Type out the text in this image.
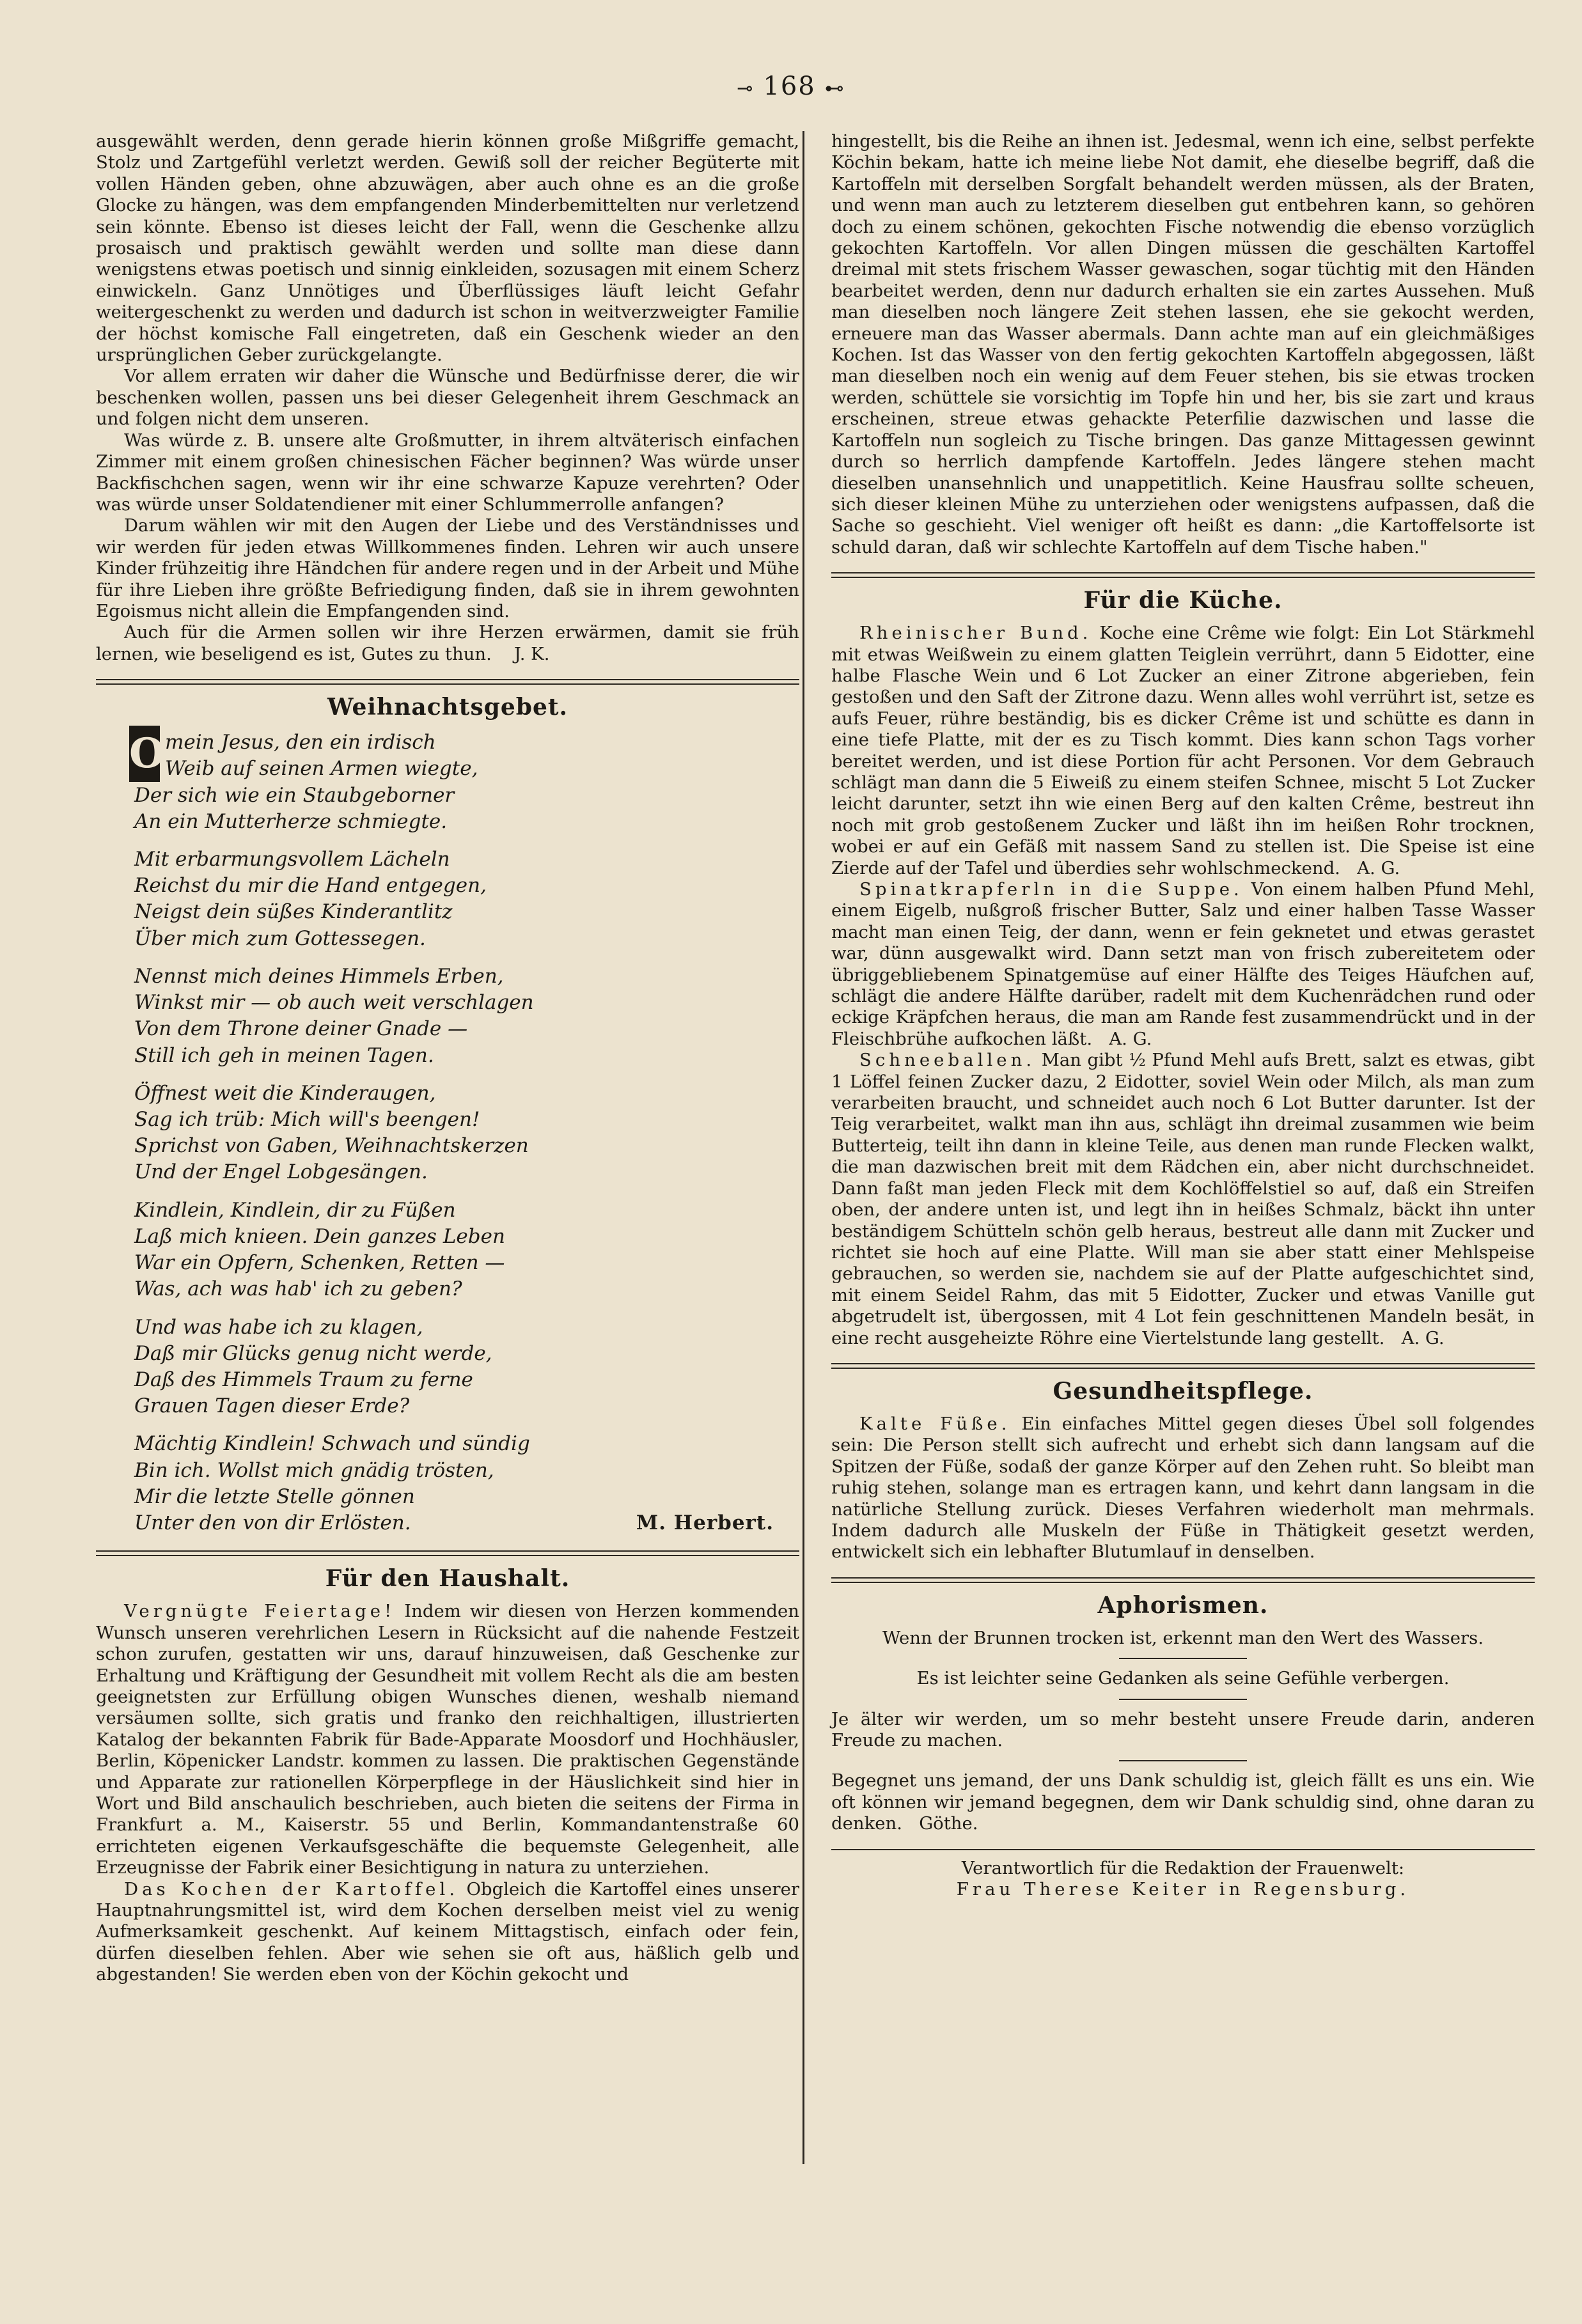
⊸ 168 ⊷

ausgewählt werden, denn gerade hierin können große Mißgriffe gemacht, Stolz und Zartgefühl verletzt werden. Gewiß soll der reicher Begüterte mit vollen Händen geben, ohne abzuwägen, aber auch ohne es an die große Glocke zu hängen, was dem empfangenden Minderbemittelten nur verletzend sein könnte. Ebenso ist dieses leicht der Fall, wenn die Geschenke allzu prosaisch und praktisch gewählt werden und sollte man diese dann wenigstens etwas poetisch und sinnig einkleiden, sozusagen mit einem Scherz einwickeln. Ganz Unnötiges und Überflüssiges läuft leicht Gefahr weitergeschenkt zu werden und dadurch ist schon in weitverzweigter Familie der höchst komische Fall eingetreten, daß ein Geschenk wieder an den ursprünglichen Geber zurückgelangte.

Vor allem erraten wir daher die Wünsche und Bedürfnisse derer, die wir beschenken wollen, passen uns bei dieser Gelegenheit ihrem Geschmack an und folgen nicht dem unseren.

Was würde z. B. unsere alte Großmutter, in ihrem altväterisch einfachen Zimmer mit einem großen chinesischen Fächer beginnen? Was würde unser Backfischchen sagen, wenn wir ihr eine schwarze Kapuze verehrten? Oder was würde unser Soldatendiener mit einer Schlummerrolle anfangen?

Darum wählen wir mit den Augen der Liebe und des Verständnisses und wir werden für jeden etwas Willkommenes finden. Lehren wir auch unsere Kinder frühzeitig ihre Händchen für andere regen und in der Arbeit und Mühe für ihre Lieben ihre größte Befriedigung finden, daß sie in ihrem gewohnten Egoismus nicht allein die Empfangenden sind.

Auch für die Armen sollen wir ihre Herzen erwärmen, damit sie früh lernen, wie beseligend es ist, Gutes zu thun. J. K.

Weihnachtsgebet.
O mein Jesus, den ein irdisch
Weib auf seinen Armen wiegte,
Der sich wie ein Staubgeborner
An ein Mutterherze schmiegte.
Mit erbarmungsvollem Lächeln
Reichst du mir die Hand entgegen,
Neigst dein süßes Kinderantlitz
Über mich zum Gottessegen.
Nennst mich deines Himmels Erben,
Winkst mir — ob auch weit verschlagen
Von dem Throne deiner Gnade —
Still ich geh in meinen Tagen.
Öffnest weit die Kinderaugen,
Sag ich trüb: Mich will's beengen!
Sprichst von Gaben, Weihnachtskerzen
Und der Engel Lobgesängen.
Kindlein, Kindlein, dir zu Füßen
Laß mich knieen. Dein ganzes Leben
War ein Opfern, Schenken, Retten —
Was, ach was hab' ich zu geben?
Und was habe ich zu klagen,
Daß mir Glücks genug nicht werde,
Daß des Himmels Traum zu ferne
Grauen Tagen dieser Erde?
Mächtig Kindlein! Schwach und sündig
Bin ich. Wollst mich gnädig trösten,
Mir die letzte Stelle gönnen
Unter den von dir Erlösten.	M. Herbert.
Für den Haushalt.

Vergnügte Feiertage! Indem wir diesen von Herzen kommenden Wunsch unseren verehrlichen Lesern in Rücksicht auf die nahende Festzeit schon zurufen, gestatten wir uns, darauf hinzuweisen, daß Geschenke zur Erhaltung und Kräftigung der Gesundheit mit vollem Recht als die am besten geeignetsten zur Erfüllung obigen Wunsches dienen, weshalb niemand versäumen sollte, sich gratis und franko den reichhaltigen, illustrierten Katalog der bekannten Fabrik für Bade-Apparate Moosdorf und Hochhäusler, Berlin, Köpenicker Landstr. kommen zu lassen. Die praktischen Gegenstände und Apparate zur rationellen Körperpflege in der Häuslichkeit sind hier in Wort und Bild anschaulich beschrieben, auch bieten die seitens der Firma in Frankfurt a. M., Kaiserstr. 55 und Berlin, Kommandantenstraße 60 errichteten eigenen Verkaufsgeschäfte die bequemste Gelegenheit, alle Erzeugnisse der Fabrik einer Besichtigung in natura zu unterziehen.

Das Kochen der Kartoffel. Obgleich die Kartoffel eines unserer Hauptnahrungsmittel ist, wird dem Kochen derselben meist viel zu wenig Aufmerksamkeit geschenkt. Auf keinem Mittagstisch, einfach oder fein, dürfen dieselben fehlen. Aber wie sehen sie oft aus, häßlich gelb und abgestanden! Sie werden eben von der Köchin gekocht und

hingestellt, bis die Reihe an ihnen ist. Jedesmal, wenn ich eine, selbst perfekte Köchin bekam, hatte ich meine liebe Not damit, ehe dieselbe begriff, daß die Kartoffeln mit derselben Sorgfalt behandelt werden müssen, als der Braten, und wenn man auch zu letzterem dieselben gut entbehren kann, so gehören doch zu einem schönen, gekochten Fische notwendig die ebenso vorzüglich gekochten Kartoffeln. Vor allen Dingen müssen die geschälten Kartoffel dreimal mit stets frischem Wasser gewaschen, sogar tüchtig mit den Händen bearbeitet werden, denn nur dadurch erhalten sie ein zartes Aussehen. Muß man dieselben noch längere Zeit stehen lassen, ehe sie gekocht werden, erneuere man das Wasser abermals. Dann achte man auf ein gleichmäßiges Kochen. Ist das Wasser von den fertig gekochten Kartoffeln abgegossen, läßt man dieselben noch ein wenig auf dem Feuer stehen, bis sie etwas trocken werden, schüttele sie vorsichtig im Topfe hin und her, bis sie zart und kraus erscheinen, streue etwas gehackte Peterfilie dazwischen und lasse die Kartoffeln nun sogleich zu Tische bringen. Das ganze Mittagessen gewinnt durch so herrlich dampfende Kartoffeln. Jedes längere stehen macht dieselben unansehnlich und unappetitlich. Keine Hausfrau sollte scheuen, sich dieser kleinen Mühe zu unterziehen oder wenigstens aufpassen, daß die Sache so geschieht. Viel weniger oft heißt es dann: „die Kartoffelsorte ist schuld daran, daß wir schlechte Kartoffeln auf dem Tische haben."

Für die Küche.

Rheinischer Bund. Koche eine Crême wie folgt: Ein Lot Stärkmehl mit etwas Weißwein zu einem glatten Teiglein verrührt, dann 5 Eidotter, eine halbe Flasche Wein und 6 Lot Zucker an einer Zitrone abgerieben, fein gestoßen und den Saft der Zitrone dazu. Wenn alles wohl verrührt ist, setze es aufs Feuer, rühre beständig, bis es dicker Crême ist und schütte es dann in eine tiefe Platte, mit der es zu Tisch kommt. Dies kann schon Tags vorher bereitet werden, und ist diese Portion für acht Personen. Vor dem Gebrauch schlägt man dann die 5 Eiweiß zu einem steifen Schnee, mischt 5 Lot Zucker leicht darunter, setzt ihn wie einen Berg auf den kalten Crême, bestreut ihn noch mit grob gestoßenem Zucker und läßt ihn im heißen Rohr trocknen, wobei er auf ein Gefäß mit nassem Sand zu stellen ist. Die Speise ist eine Zierde auf der Tafel und überdies sehr wohlschmeckend. A. G.

Spinatkrapferln in die Suppe. Von einem halben Pfund Mehl, einem Eigelb, nußgroß frischer Butter, Salz und einer halben Tasse Wasser macht man einen Teig, der dann, wenn er fein geknetet und etwas gerastet war, dünn ausgewalkt wird. Dann setzt man von frisch zubereitetem oder übriggebliebenem Spinatgemüse auf einer Hälfte des Teiges Häufchen auf, schlägt die andere Hälfte darüber, radelt mit dem Kuchenrädchen rund oder eckige Kräpfchen heraus, die man am Rande fest zusammendrückt und in der Fleischbrühe aufkochen läßt. A. G.

Schneeballen. Man gibt ½ Pfund Mehl aufs Brett, salzt es etwas, gibt 1 Löffel feinen Zucker dazu, 2 Eidotter, soviel Wein oder Milch, als man zum verarbeiten braucht, und schneidet auch noch 6 Lot Butter darunter. Ist der Teig verarbeitet, walkt man ihn aus, schlägt ihn dreimal zusammen wie beim Butterteig, teilt ihn dann in kleine Teile, aus denen man runde Flecken walkt, die man dazwischen breit mit dem Rädchen ein, aber nicht durchschneidet. Dann faßt man jeden Fleck mit dem Kochlöffelstiel so auf, daß ein Streifen oben, der andere unten ist, und legt ihn in heißes Schmalz, bäckt ihn unter beständigem Schütteln schön gelb heraus, bestreut alle dann mit Zucker und richtet sie hoch auf eine Platte. Will man sie aber statt einer Mehlspeise gebrauchen, so werden sie, nachdem sie auf der Platte aufgeschichtet sind, mit einem Seidel Rahm, das mit 5 Eidotter, Zucker und etwas Vanille gut abgetrudelt ist, übergossen, mit 4 Lot fein geschnittenen Mandeln besät, in eine recht ausgeheizte Röhre eine Viertelstunde lang gestellt. A. G.

Gesundheitspflege.

Kalte Füße. Ein einfaches Mittel gegen dieses Übel soll folgendes sein: Die Person stellt sich aufrecht und erhebt sich dann langsam auf die Spitzen der Füße, sodaß der ganze Körper auf den Zehen ruht. So bleibt man ruhig stehen, solange man es ertragen kann, und kehrt dann langsam in die natürliche Stellung zurück. Dieses Verfahren wiederholt man mehrmals. Indem dadurch alle Muskeln der Füße in Thätigkeit gesetzt werden, entwickelt sich ein lebhafter Blutumlauf in denselben.

Aphorismen.

Wenn der Brunnen trocken ist, erkennt man den Wert des Wassers.

Es ist leichter seine Gedanken als seine Gefühle verbergen.

Je älter wir werden, um so mehr besteht unsere Freude darin, anderen Freude zu machen.

Begegnet uns jemand, der uns Dank schuldig ist, gleich fällt es uns ein. Wie oft können wir jemand begegnen, dem wir Dank schuldig sind, ohne daran zu denken. Göthe.

Verantwortlich für die Redaktion der Frauenwelt:

Frau Therese Keiter in Regensburg.
